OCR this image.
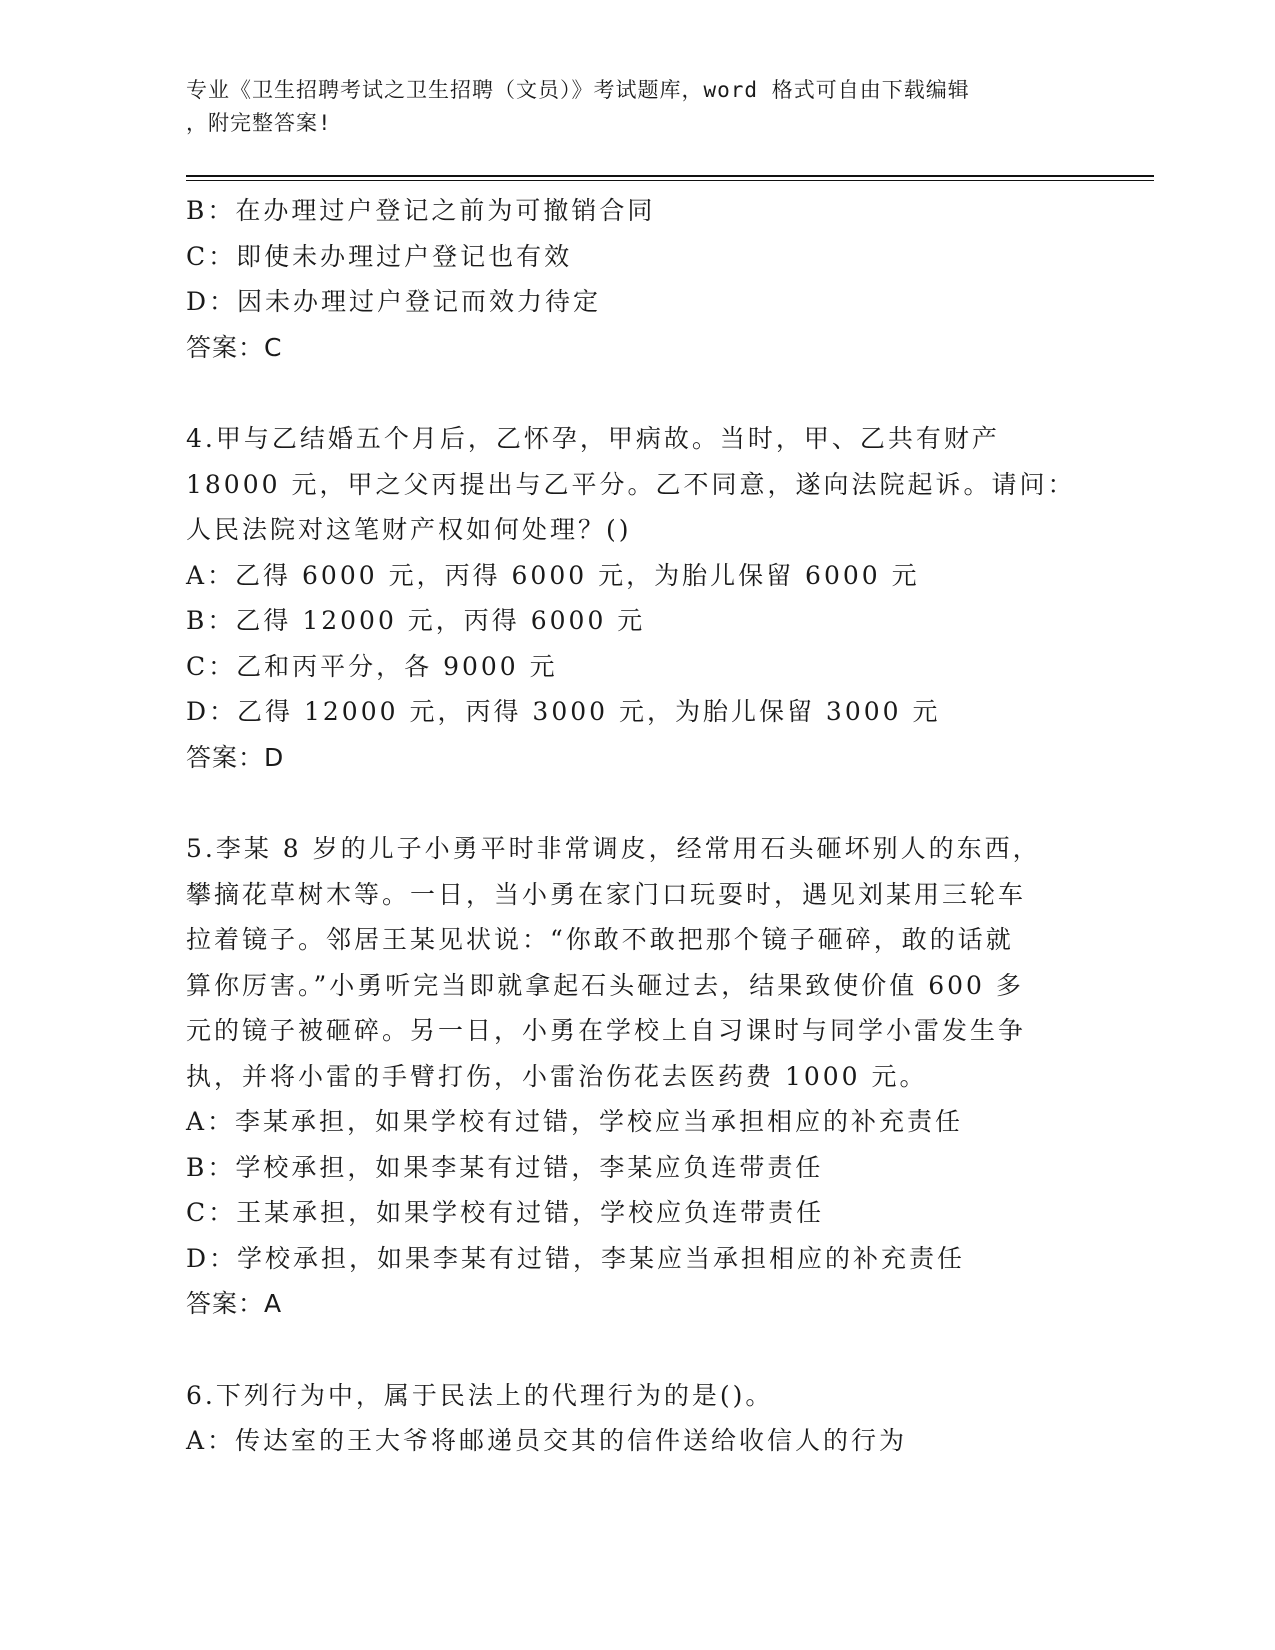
专业《卫生招聘考试之卫生招聘（文员）》考试题库，word 格式可自由下载编辑
，附完整答案!
B：在办理过户登记之前为可撤销合同
C：即使未办理过户登记也有效
D：因未办理过户登记而效力待定
答案：C
4.甲与乙结婚五个月后，乙怀孕，甲病故。当时，甲、乙共有财产
18000 元，甲之父丙提出与乙平分。乙不同意，遂向法院起诉。请问：
人民法院对这笔财产权如何处理？()
A：乙得 6000 元，丙得 6000 元，为胎儿保留 6000 元
B：乙得 12000 元，丙得 6000 元
C：乙和丙平分，各 9000 元
D：乙得 12000 元，丙得 3000 元，为胎儿保留 3000 元
答案：D
5.李某 8 岁的儿子小勇平时非常调皮，经常用石头砸坏别人的东西，
攀摘花草树木等。一日，当小勇在家门口玩耍时，遇见刘某用三轮车
拉着镜子。邻居王某见状说：“你敢不敢把那个镜子砸碎，敢的话就
算你厉害。”小勇听完当即就拿起石头砸过去，结果致使价值 600 多
元的镜子被砸碎。另一日，小勇在学校上自习课时与同学小雷发生争
执，并将小雷的手臂打伤，小雷治伤花去医药费 1000 元。
A：李某承担，如果学校有过错，学校应当承担相应的补充责任
B：学校承担，如果李某有过错，李某应负连带责任
C：王某承担，如果学校有过错，学校应负连带责任
D：学校承担，如果李某有过错，李某应当承担相应的补充责任
答案：A
6.下列行为中，属于民法上的代理行为的是()。
A：传达室的王大爷将邮递员交其的信件送给收信人的行为
